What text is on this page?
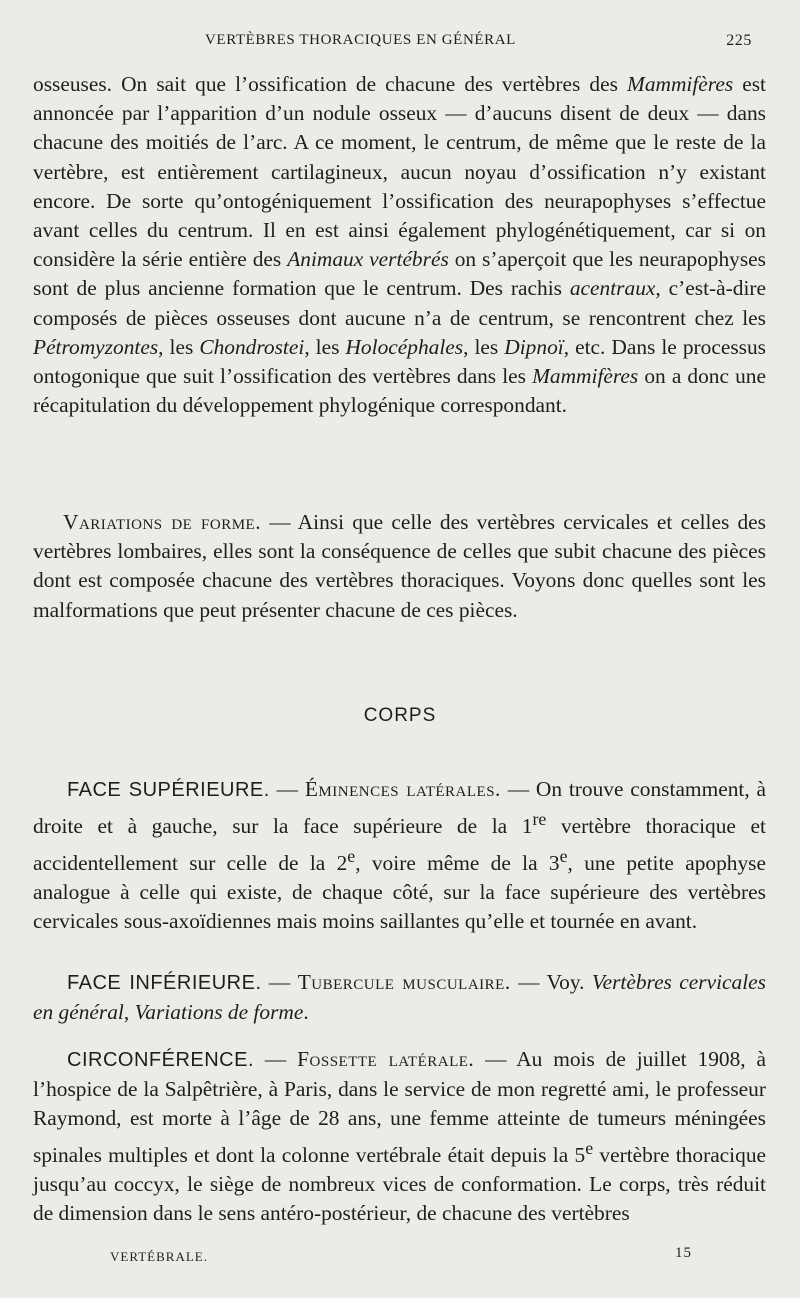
VERTÈBRES THORACIQUES EN GÉNÉRAL	225

osseuses. On sait que l’ossification de chacune des vertèbres des Mammifères est annoncée par l’apparition d’un nodule osseux — d’aucuns disent de deux — dans chacune des moitiés de l’arc. A ce moment, le centrum, de même que le reste de la vertèbre, est entièrement cartilagineux, aucun noyau d’ossification n’y existant encore. De sorte qu’ontogéniquement l’ossification des neurapophyses s’effectue avant celles du centrum. Il en est ainsi également phylogénétiquement, car si on considère la série entière des Animaux vertébrés on s’aperçoit que les neurapophyses sont de plus ancienne formation que le centrum. Des rachis acentraux, c’est-à-dire composés de pièces osseuses dont aucune n’a de centrum, se rencontrent chez les Pétromyzontes, les Chondrostei, les Holocéphales, les Dipnoï, etc. Dans le processus ontogonique que suit l’ossification des vertèbres dans les Mammifères on a donc une récapitulation du développement phylogénique correspondant.

Variations de forme. — Ainsi que celle des vertèbres cervicales et celles des vertèbres lombaires, elles sont la conséquence de celles que subit chacune des pièces dont est composée chacune des vertèbres thoraciques. Voyons donc quelles sont les malformations que peut présenter chacune de ces pièces.

CORPS

FACE SUPÉRIEURE. — Éminences latérales. — On trouve constamment, à droite et à gauche, sur la face supérieure de la 1re vertèbre thoracique et accidentellement sur celle de la 2e, voire même de la 3e, une petite apophyse analogue à celle qui existe, de chaque côté, sur la face supérieure des vertèbres cervicales sous-axoïdiennes mais moins saillantes qu’elle et tournée en avant.

FACE INFÉRIEURE. — Tubercule musculaire. — Voy. Vertèbres cervicales en général, Variations de forme.

CIRCONFÉRENCE. — Fossette latérale. — Au mois de juillet 1908, à l’hospice de la Salpêtrière, à Paris, dans le service de mon regretté ami, le professeur Raymond, est morte à l’âge de 28 ans, une femme atteinte de tumeurs méningées spinales multiples et dont la colonne vertébrale était depuis la 5e vertèbre thoracique jusqu’au coccyx, le siège de nombreux vices de conformation. Le corps, très réduit de dimension dans le sens antéro-postérieur, de chacune des vertèbres

VERTÉBRALE.	15
